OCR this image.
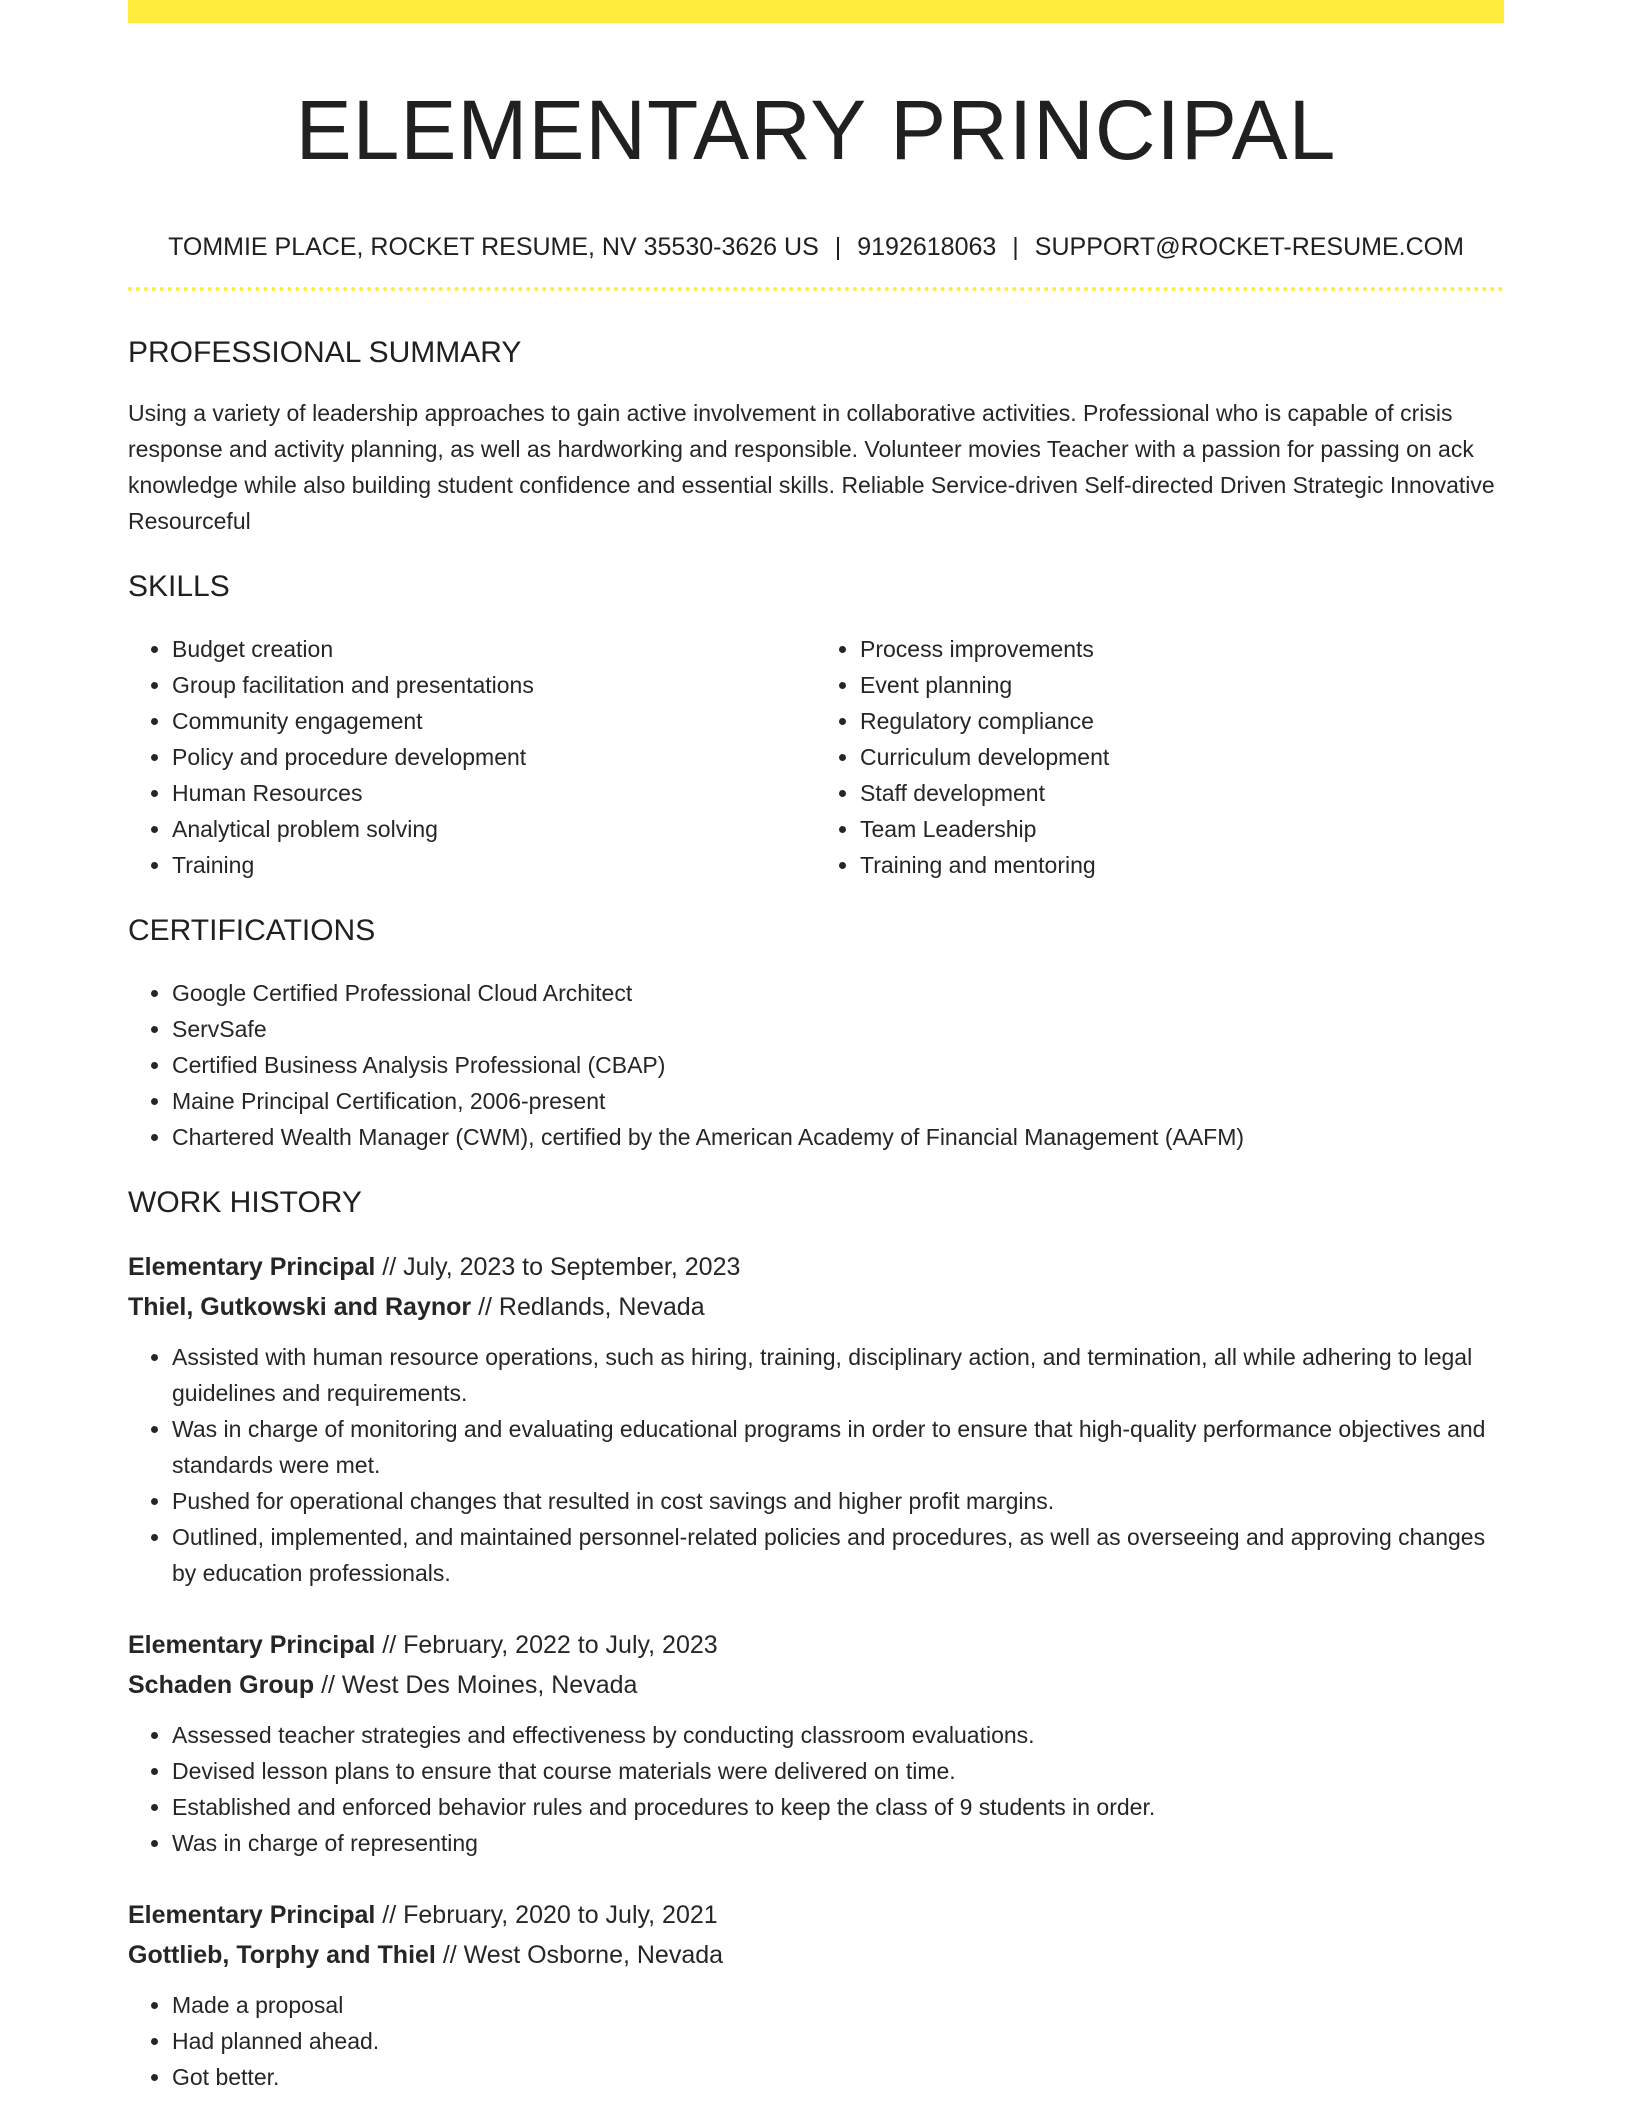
ELEMENTARY PRINCIPAL
TOMMIE PLACE, ROCKET RESUME, NV 35530-3626 US | 9192618063 | SUPPORT@ROCKET-RESUME.COM
PROFESSIONAL SUMMARY

Using a variety of leadership approaches to gain active involvement in collaborative activities. Professional who is capable of crisis response and activity planning, as well as hardworking and responsible. Volunteer movies Teacher with a passion for passing on ack knowledge while also building student confidence and essential skills. Reliable Service-driven Self-directed Driven Strategic Innovative Resourceful

SKILLS
• Budget creation
• Group facilitation and presentations
• Community engagement
• Policy and procedure development
• Human Resources
• Analytical problem solving
• Training
• Process improvements
• Event planning
• Regulatory compliance
• Curriculum development
• Staff development
• Team Leadership
• Training and mentoring
CERTIFICATIONS
• Google Certified Professional Cloud Architect
• ServSafe
• Certified Business Analysis Professional (CBAP)
• Maine Principal Certification, 2006-present
• Chartered Wealth Manager (CWM), certified by the American Academy of Financial Management (AAFM)
WORK HISTORY
Elementary Principal // July, 2023 to September, 2023
Thiel, Gutkowski and Raynor // Redlands, Nevada
• Assisted with human resource operations, such as hiring, training, disciplinary action, and termination, all while adhering to legal guidelines and requirements.
• Was in charge of monitoring and evaluating educational programs in order to ensure that high-quality performance objectives and standards were met.
• Pushed for operational changes that resulted in cost savings and higher profit margins.
• Outlined, implemented, and maintained personnel-related policies and procedures, as well as overseeing and approving changes by education professionals.
Elementary Principal // February, 2022 to July, 2023
Schaden Group // West Des Moines, Nevada
• Assessed teacher strategies and effectiveness by conducting classroom evaluations.
• Devised lesson plans to ensure that course materials were delivered on time.
• Established and enforced behavior rules and procedures to keep the class of 9 students in order.
• Was in charge of representing
Elementary Principal // February, 2020 to July, 2021
Gottlieb, Torphy and Thiel // West Osborne, Nevada
• Made a proposal
• Had planned ahead.
• Got better.
